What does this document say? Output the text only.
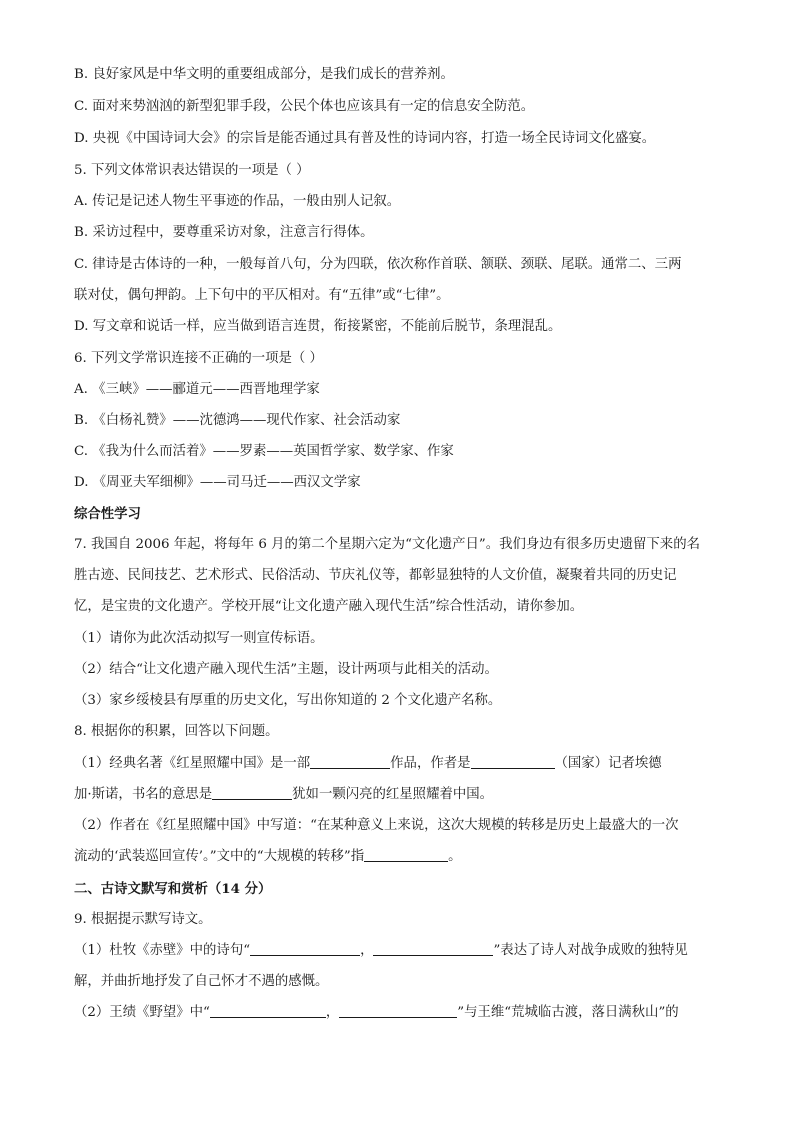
B. 良好家风是中华文明的重要组成部分，是我们成长的营养剂。
C. 面对来势汹汹的新型犯罪手段，公民个体也应该具有一定的信息安全防范。
D. 央视《中国诗词大会》的宗旨是能否通过具有普及性的诗词内容，打造一场全民诗词文化盛宴。
5. 下列文体常识表达错误的一项是（ ）
A. 传记是记述人物生平事迹的作品，一般由别人记叙。
B. 采访过程中，要尊重采访对象，注意言行得体。
C. 律诗是古体诗的一种，一般每首八句，分为四联，依次称作首联、颔联、颈联、尾联。通常二、三两
联对仗，偶句押韵。上下句中的平仄相对。有“五律”或“七律”。
D. 写文章和说话一样，应当做到语言连贯，衔接紧密，不能前后脱节，条理混乱。
6. 下列文学常识连接不正确的一项是（ ）
A. 《三峡》——郦道元——西晋地理学家
B. 《白杨礼赞》——沈德鸿——现代作家、社会活动家
C. 《我为什么而活着》——罗素——英国哲学家、数学家、作家
D. 《周亚夫军细柳》——司马迁——西汉文学家
综合性学习
7. 我国自 2006 年起，将每年 6 月的第二个星期六定为“文化遗产日”。我们身边有很多历史遗留下来的名
胜古迹、民间技艺、艺术形式、民俗活动、节庆礼仪等，都彰显独特的人文价值，凝聚着共同的历史记
忆，是宝贵的文化遗产。学校开展“让文化遗产融入现代生活”综合性活动，请你参加。
（1）请你为此次活动拟写一则宣传标语。
（2）结合“让文化遗产融入现代生活”主题，设计两项与此相关的活动。
（3）家乡绥棱县有厚重的历史文化，写出你知道的 2 个文化遗产名称。
8. 根据你的积累，回答以下问题。
（1）经典名著《红星照耀中国》是一部	作品，作者是	（国家）记者埃德
加·斯诺，书名的意思是	犹如一颗闪亮的红星照耀着中国。
（2）作者在《红星照耀中国》中写道：“在某种意义上来说，这次大规模的转移是历史上最盛大的一次
流动的‘武装巡回宣传’。”文中的“大规模的转移”指	。
二、古诗文默写和赏析（14 分）
9. 根据提示默写诗文。
（1）杜牧《赤壁》中的诗句“	，	”表达了诗人对战争成败的独特见
解，并曲折地抒发了自己怀才不遇的感慨。
（2）王绩《野望》中“	，	”与王维“荒城临古渡，落日满秋山”的
